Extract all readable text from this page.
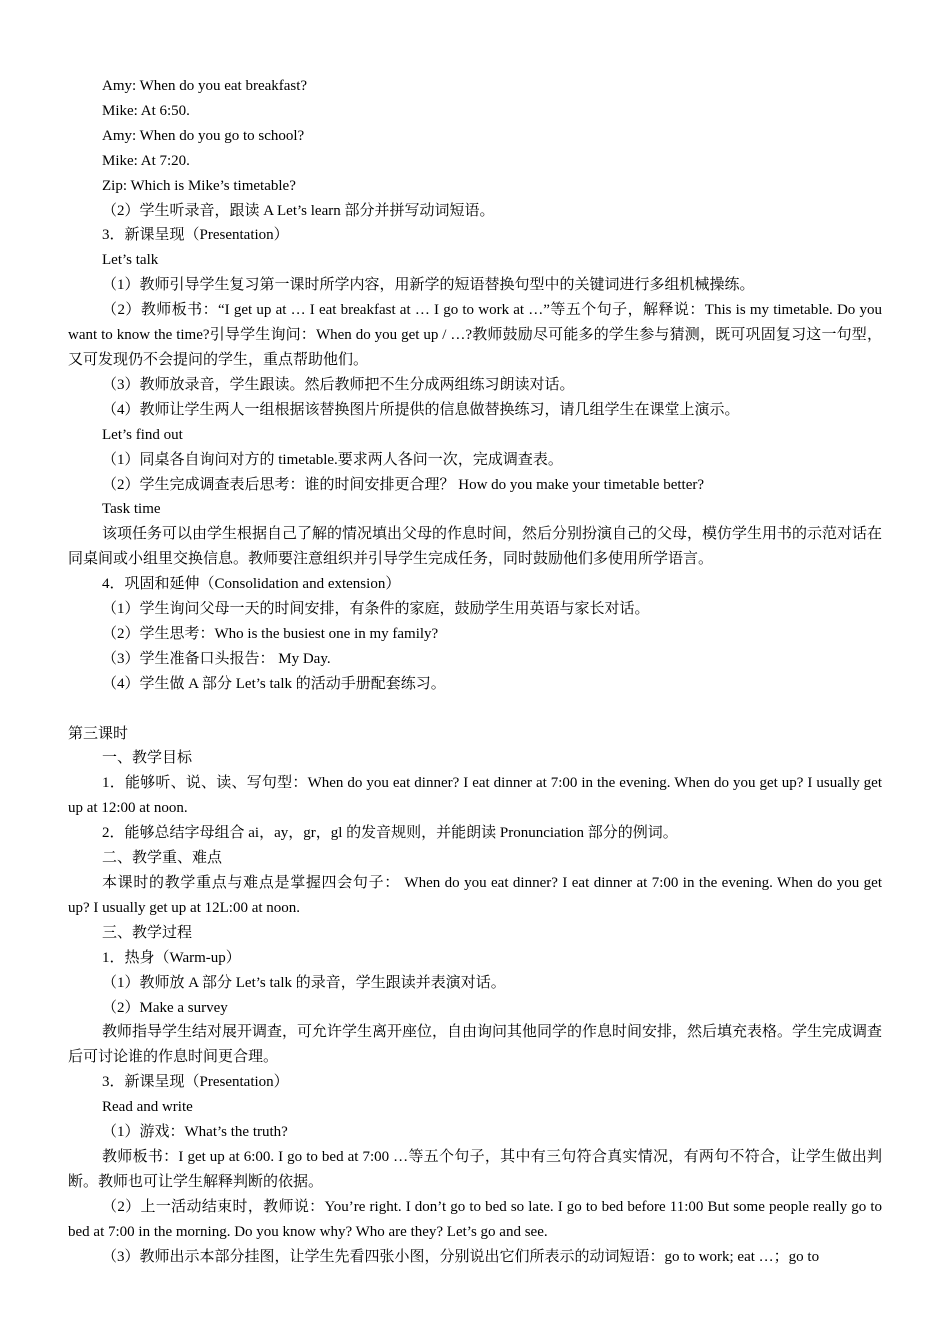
Amy: When do you eat breakfast?

Mike: At 6:50.

Amy: When do you go to school?

Mike: At 7:20.

Zip: Which is Mike’s timetable?

（2）学生听录音，跟读 A Let’s learn 部分并拼写动词短语。

3．新课呈现（Presentation）

Let’s talk

（1）教师引导学生复习第一课时所学内容，用新学的短语替换句型中的关键词进行多组机械操练。

（2）教师板书：“I get up at … I eat breakfast at … I go to work at …”等五个句子，解释说：This is my timetable. Do you want to know the time?引导学生询问：When do you get up / …?教师鼓励尽可能多的学生参与猜测，既可巩固复习这一句型，又可发现仍不会提问的学生，重点帮助他们。

（3）教师放录音，学生跟读。然后教师把不生分成两组练习朗读对话。

（4）教师让学生两人一组根据该替换图片所提供的信息做替换练习，请几组学生在课堂上演示。

Let’s find out

（1）同桌各自询问对方的 timetable.要求两人各问一次，完成调查表。

（2）学生完成调查表后思考：谁的时间安排更合理？ How do you make your timetable better?

Task time

该项任务可以由学生根据自己了解的情况填出父母的作息时间，然后分别扮演自己的父母，模仿学生用书的示范对话在同桌间或小组里交换信息。教师要注意组织并引导学生完成任务，同时鼓励他们多使用所学语言。

4．巩固和延伸（Consolidation and extension）

（1）学生询问父母一天的时间安排，有条件的家庭，鼓励学生用英语与家长对话。

（2）学生思考：Who is the busiest one in my family?

（3）学生准备口头报告： My Day.

（4）学生做 A 部分 Let’s talk 的活动手册配套练习。

第三课时

一、教学目标

1．能够听、说、读、写句型：When do you eat dinner? I eat dinner at 7:00 in the evening. When do you get up? I usually get up at 12:00 at noon.

2．能够总结字母组合 ai，ay，gr，gl 的发音规则，并能朗读 Pronunciation 部分的例词。

二、教学重、难点

本课时的教学重点与难点是掌握四会句子： When do you eat dinner? I eat dinner at 7:00 in the evening. When do you get up? I usually get up at 12L:00 at noon.

三、教学过程

1．热身（Warm-up）

（1）教师放 A 部分 Let’s talk 的录音，学生跟读并表演对话。

（2）Make a survey

教师指导学生结对展开调查，可允许学生离开座位，自由询问其他同学的作息时间安排，然后填充表格。学生完成调查后可讨论谁的作息时间更合理。

3．新课呈现（Presentation）

Read and write

（1）游戏：What’s the truth?

教师板书：I get up at 6:00. I go to bed at 7:00 …等五个句子，其中有三句符合真实情况，有两句不符合，让学生做出判断。教师也可让学生解释判断的依据。

（2）上一活动结束时，教师说：You’re right. I don’t go to bed so late. I go to bed before 11:00 But some people really go to bed at 7:00 in the morning. Do you know why? Who are they? Let’s go and see.

（3）教师出示本部分挂图，让学生先看四张小图，分别说出它们所表示的动词短语：go to work; eat …；go to
